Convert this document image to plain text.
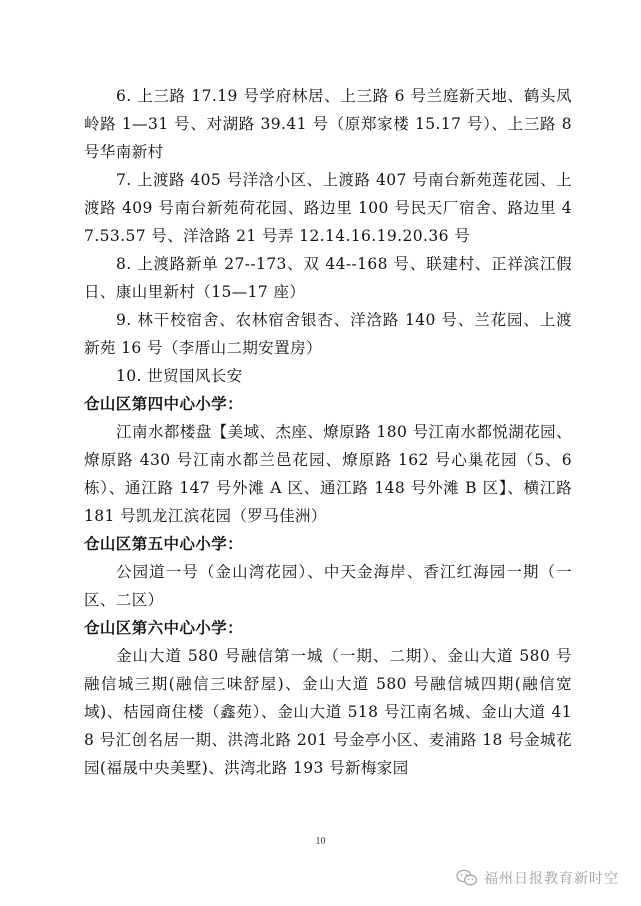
6. 上三路 17.19 号学府林居、上三路 6 号兰庭新天地、鹤头凤岭路 1—31 号、对湖路 39.41 号（原郑家楼 15.17 号）、上三路 8 号华南新村

7. 上渡路 405 号洋浛小区、上渡路 407 号南台新苑莲花园、上渡路 409 号南台新苑荷花园、路边里 100 号民天厂宿舍、路边里 47.53.57 号、洋浛路 21 号弄 12.14.16.19.20.36 号

8. 上渡路新单 27--173、双 44--168 号、联建村、正祥滨江假日、康山里新村（15—17 座）

9. 林干校宿舍、农林宿舍银杏、洋浛路 140 号、兰花园、上渡新苑 16 号（李厝山二期安置房）

10. 世贸国风长安

仓山区第四中心小学：

江南水都楼盘【美域、杰座、燎原路 180 号江南水都悦湖花园、燎原路 430 号江南水都兰邑花园、燎原路 162 号心巢花园（5、6 栋）、通江路 147 号外滩 A 区、通江路 148 号外滩 B 区】、横江路 181 号凯龙江滨花园（罗马佳洲）

仓山区第五中心小学：

公园道一号（金山湾花园）、中天金海岸、香江红海园一期（一区、二区）

仓山区第六中心小学：

金山大道 580 号融信第一城（一期、二期）、金山大道 580 号融信城三期(融信三味舒屋)、金山大道 580 号融信城四期(融信宽域)、桔园商住楼（鑫苑）、金山大道 518 号江南名城、金山大道 418 号汇创名居一期、洪湾北路 201 号金亭小区、麦浦路 18 号金城花园(福晟中央美墅)、洪湾北路 193 号新梅家园

10
福州日报教育新时空
